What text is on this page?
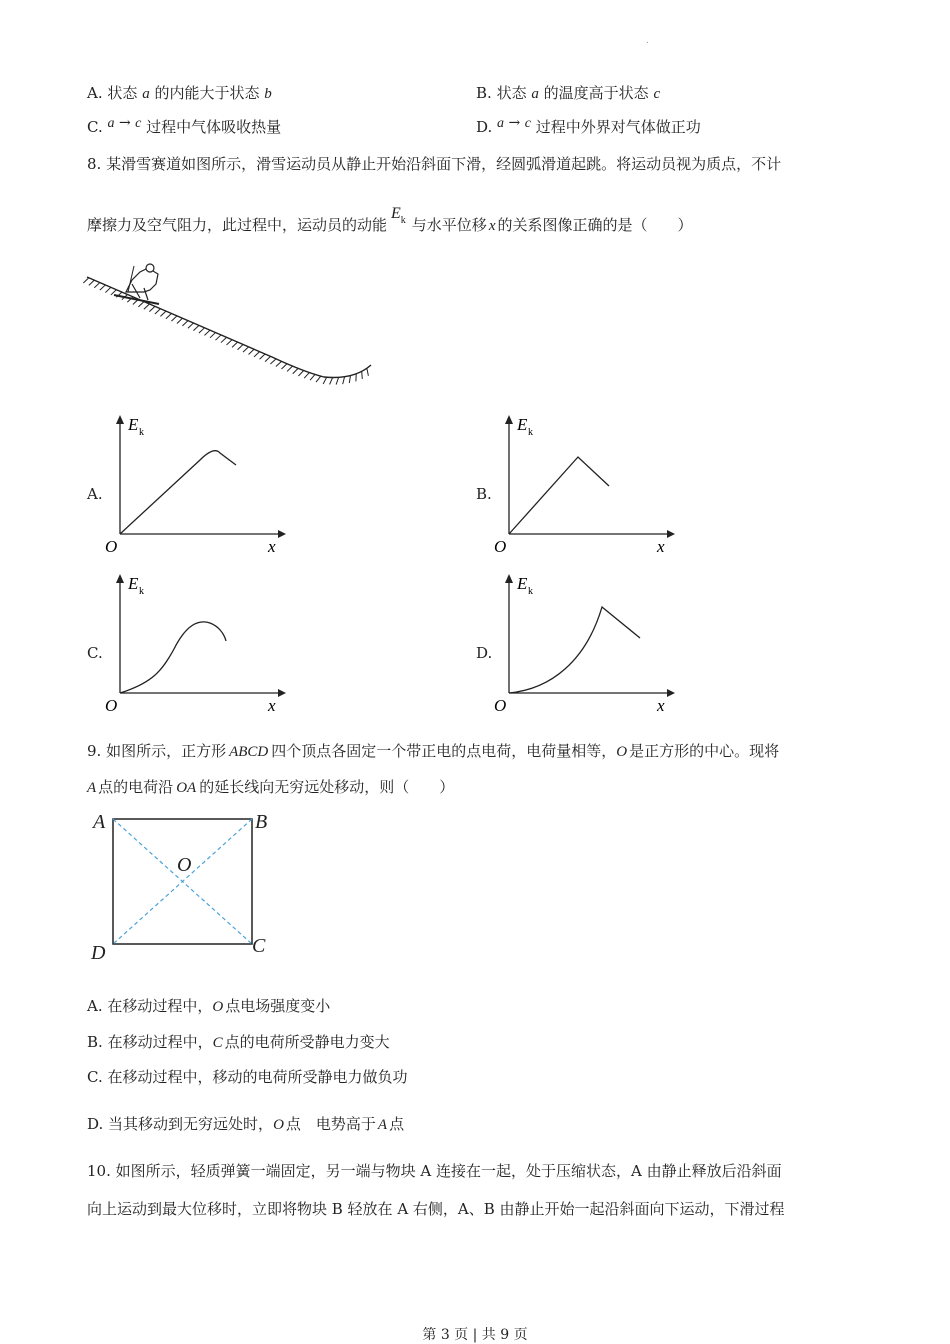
.
A. 状态 a 的内能大于状态 b	B. 状态 a 的温度高于状态 c
C. a → c 过程中气体吸收热量	D. a → c 过程中外界对气体做正功
8. 某滑雪赛道如图所示，滑雪运动员从静止开始沿斜面下滑，经圆弧滑道起跳。将运动员视为质点，不计
摩擦力及空气阻力，此过程中，运动员的动能$E_k$ 与水平位移 x 的关系图像正确的是（　　）
A.
E k
O	x
B.
E k
O	x
C.
E k
O	x
D.
E k
O	x
9. 如图所示，正方形 ABCD 四个顶点各固定一个带正电的点电荷，电荷量相等，O 是正方形的中心。现将
A 点的电荷沿 OA 的延长线向无穷远处移动，则（　　）
A	B
C
D
O
A. 在移动过程中，O 点电场强度变小
B. 在移动过程中，C 点的电荷所受静电力变大
C. 在移动过程中，移动的电荷所受静电力做负功
D. 当其移动到无穷远处时，O 点　电势高于 A 点
10. 如图所示，轻质弹簧一端固定，另一端与物块 A 连接在一起，处于压缩状态，A 由静止释放后沿斜面
向上运动到最大位移时，立即将物块 B 轻放在 A 右侧，A、B 由静止开始一起沿斜面向下运动，下滑过程
第 3 页 | 共 9 页
